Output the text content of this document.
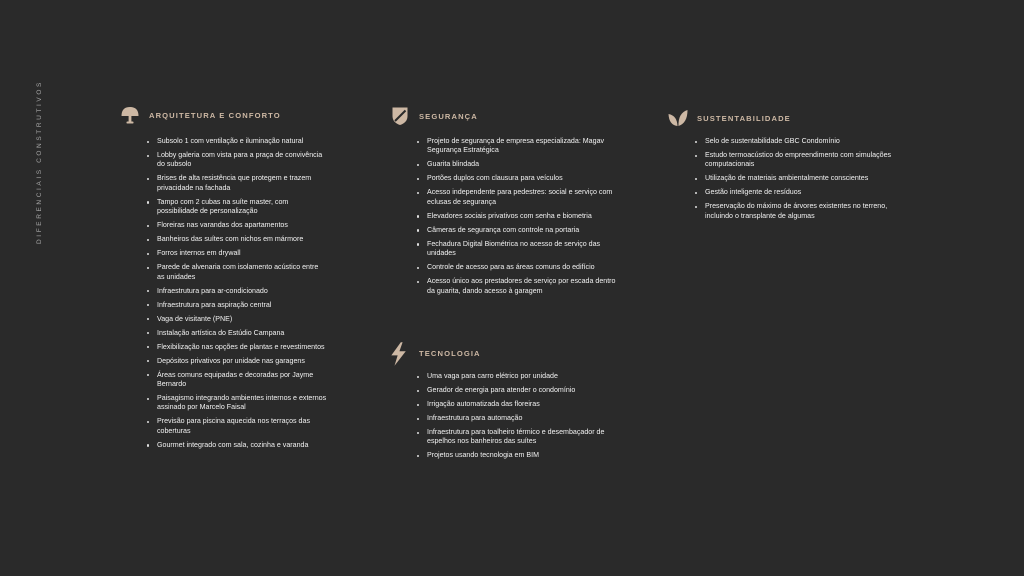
DIFERENCIAIS CONSTRUTIVOS	ARQUITETURA E CONFORTO
Subsolo 1 com ventilação e iluminação natural
Lobby galeria com vista para a praça de convivência do subsolo
Brises de alta resistência que protegem e trazem privacidade na fachada
Tampo com 2 cubas na suíte master, com possibilidade de personalização
Floreiras nas varandas dos apartamentos
Banheiros das suítes com nichos em mármore
Forros internos em drywall
Parede de alvenaria com isolamento acústico entre as unidades
Infraestrutura para ar-condicionado
Infraestrutura para aspiração central
Vaga de visitante (PNE)
Instalação artística do Estúdio Campana
Flexibilização nas opções de plantas e revestimentos
Depósitos privativos por unidade nas garagens
Áreas comuns equipadas e decoradas por Jayme Bernardo
Paisagismo integrando ambientes internos e externos assinado por Marcelo Faisal
Previsão para piscina aquecida nos terraços das coberturas
Gourmet integrado com sala, cozinha e varanda
SEGURANÇA
Projeto de segurança de empresa especializada: Magav Segurança Estratégica
Guarita blindada
Portões duplos com clausura para veículos
Acesso independente para pedestres: social e serviço com eclusas de segurança
Elevadores sociais privativos com senha e biometria
Câmeras de segurança com controle na portaria
Fechadura Digital Biométrica no acesso de serviço das unidades
Controle de acesso para as áreas comuns do edifício
Acesso único aos prestadores de serviço por escada dentro da guarita, dando acesso à garagem
SUSTENTABILIDADE
Selo de sustentabilidade GBC Condomínio
Estudo termoacústico do empreendimento com simulações computacionais
Utilização de materiais ambientalmente conscientes
Gestão inteligente de resíduos
Preservação do máximo de árvores existentes no terreno, incluindo o transplante de algumas
TECNOLOGIA
Uma vaga para carro elétrico por unidade
Gerador de energia para atender o condomínio
Irrigação automatizada das floreiras
Infraestrutura para automação
Infraestrutura para toalheiro térmico e desembaçador de espelhos nos banheiros das suítes
Projetos usando tecnologia em BIM
